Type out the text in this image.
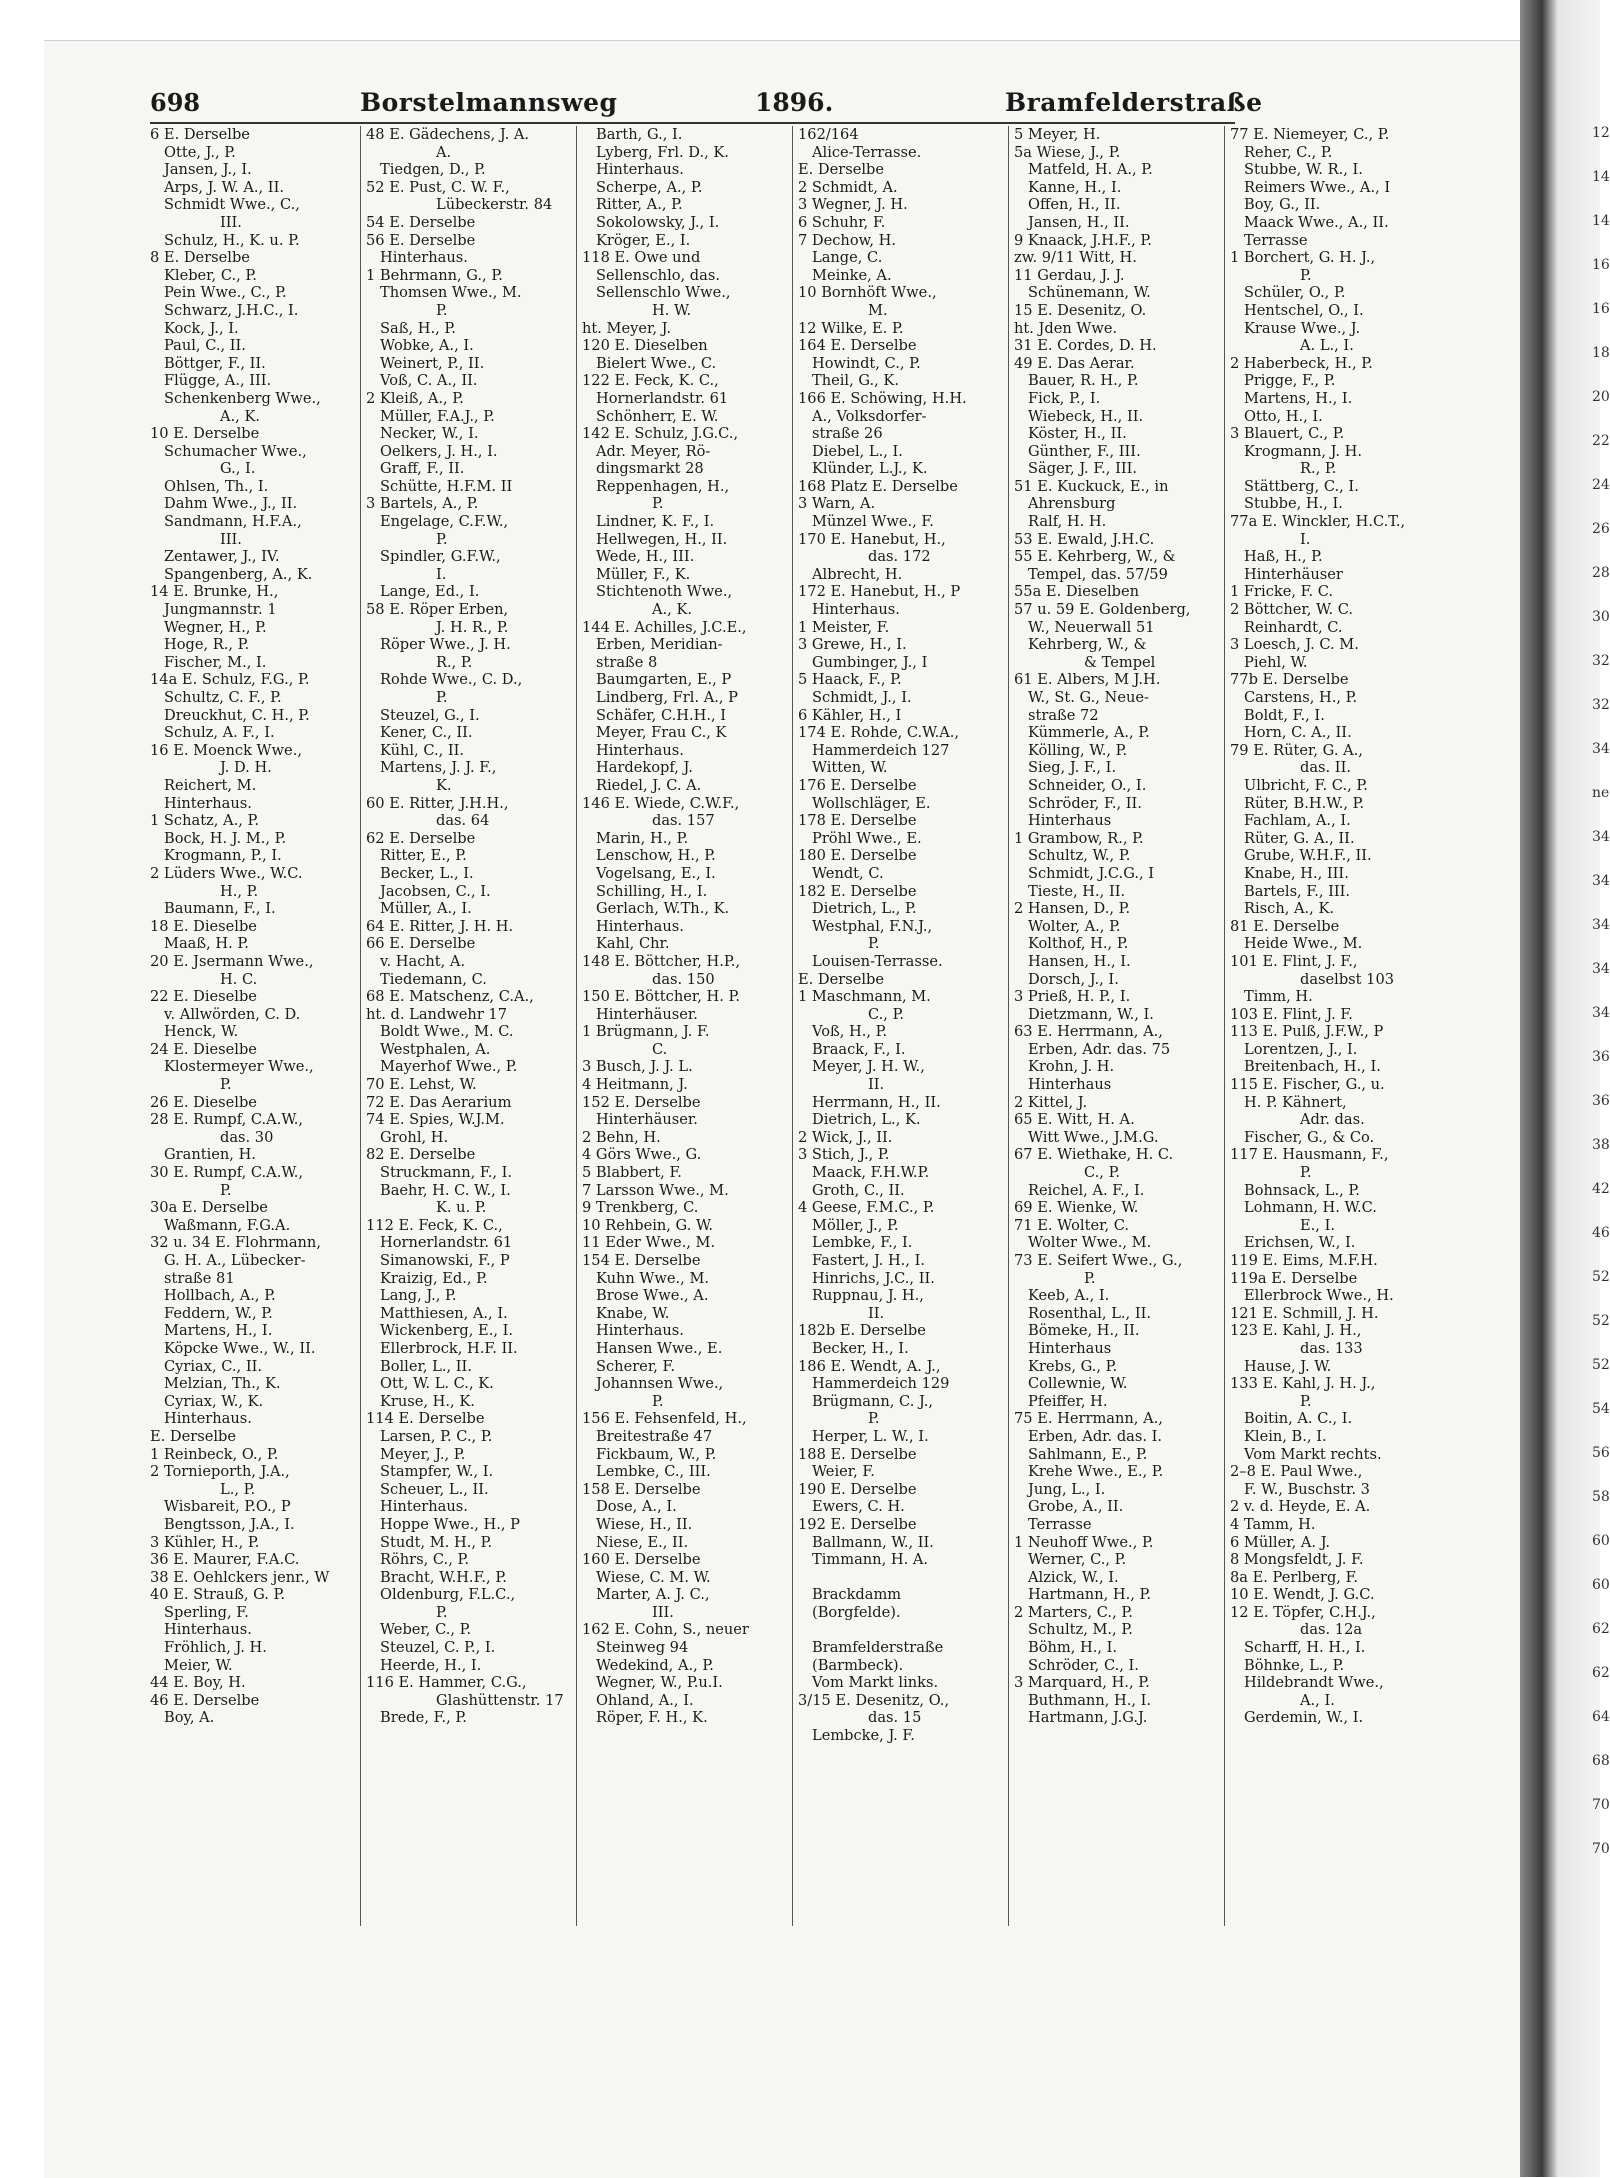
698	Borstelmannsweg	1896.	Bramfelderstraße
6 E. Derselbe
Otte, J., P.
Jansen, J., I.
Arps, J. W. A., II.
Schmidt Wwe., C.,
III.
Schulz, H., K. u. P.
8 E. Derselbe
Kleber, C., P.
Pein Wwe., C., P.
Schwarz, J.H.C., I.
Kock, J., I.
Paul, C., II.
Böttger, F., II.
Flügge, A., III.
Schenkenberg Wwe.,
A., K.
10 E. Derselbe
Schumacher Wwe.,
G., I.
Ohlsen, Th., I.
Dahm Wwe., J., II.
Sandmann, H.F.A.,
III.
Zentawer, J., IV.
Spangenberg, A., K.
14 E. Brunke, H.,
Jungmannstr. 1
Wegner, H., P.
Hoge, R., P.
Fischer, M., I.
14a E. Schulz, F.G., P.
Schultz, C. F., P.
Dreuckhut, C. H., P.
Schulz, A. F., I.
16 E. Moenck Wwe.,
J. D. H.
Reichert, M.
Hinterhaus.
1 Schatz, A., P.
Bock, H. J. M., P.
Krogmann, P., I.
2 Lüders Wwe., W.C.
H., P.
Baumann, F., I.
18 E. Dieselbe
Maaß, H. P.
20 E. Jsermann Wwe.,
H. C.
22 E. Dieselbe
v. Allwörden, C. D.
Henck, W.
24 E. Dieselbe
Klostermeyer Wwe.,
P.
26 E. Dieselbe
28 E. Rumpf, C.A.W.,
das. 30
Grantien, H.
30 E. Rumpf, C.A.W.,
P.
30a E. Derselbe
Waßmann, F.G.A.
32 u. 34 E. Flohrmann,
G. H. A., Lübecker-
straße 81
Hollbach, A., P.
Feddern, W., P.
Martens, H., I.
Köpcke Wwe., W., II.
Cyriax, C., II.
Melzian, Th., K.
Cyriax, W., K.
Hinterhaus.
E. Derselbe
1 Reinbeck, O., P.
2 Tornieporth, J.A.,
L., P.
Wisbareit, P.O., P
Bengtsson, J.A., I.
3 Kühler, H., P.
36 E. Maurer, F.A.C.
38 E. Oehlckers jenr., W
40 E. Strauß, G. P.
Sperling, F.
Hinterhaus.
Fröhlich, J. H.
Meier, W.
44 E. Boy, H.
46 E. Derselbe
Boy, A.
48 E. Gädechens, J. A.
A.
Tiedgen, D., P.
52 E. Pust, C. W. F.,
Lübeckerstr. 84
54 E. Derselbe
56 E. Derselbe
Hinterhaus.
1 Behrmann, G., P.
Thomsen Wwe., M.
P.
Saß, H., P.
Wobke, A., I.
Weinert, P., II.
Voß, C. A., II.
2 Kleiß, A., P.
Müller, F.A.J., P.
Necker, W., I.
Oelkers, J. H., I.
Graff, F., II.
Schütte, H.F.M. II
3 Bartels, A., P.
Engelage, C.F.W.,
P.
Spindler, G.F.W.,
I.
Lange, Ed., I.
58 E. Röper Erben,
J. H. R., P.
Röper Wwe., J. H.
R., P.
Rohde Wwe., C. D.,
P.
Steuzel, G., I.
Kener, C., II.
Kühl, C., II.
Martens, J. J. F.,
K.
60 E. Ritter, J.H.H.,
das. 64
62 E. Derselbe
Ritter, E., P.
Becker, L., I.
Jacobsen, C., I.
Müller, A., I.
64 E. Ritter, J. H. H.
66 E. Derselbe
v. Hacht, A.
Tiedemann, C.
68 E. Matschenz, C.A.,
ht. d. Landwehr 17
Boldt Wwe., M. C.
Westphalen, A.
Mayerhof Wwe., P.
70 E. Lehst, W.
72 E. Das Aerarium
74 E. Spies, W.J.M.
Grohl, H.
82 E. Derselbe
Struckmann, F., I.
Baehr, H. C. W., I.
K. u. P.
112 E. Feck, K. C.,
Hornerlandstr. 61
Simanowski, F., P
Kraizig, Ed., P.
Lang, J., P.
Matthiesen, A., I.
Wickenberg, E., I.
Ellerbrock, H.F. II.
Boller, L., II.
Ott, W. L. C., K.
Kruse, H., K.
114 E. Derselbe
Larsen, P. C., P.
Meyer, J., P.
Stampfer, W., I.
Scheuer, L., II.
Hinterhaus.
Hoppe Wwe., H., P
Studt, M. H., P.
Röhrs, C., P.
Bracht, W.H.F., P.
Oldenburg, F.L.C.,
P.
Weber, C., P.
Steuzel, C. P., I.
Heerde, H., I.
116 E. Hammer, C.G.,
Glashüttenstr. 17
Brede, F., P.
Barth, G., I.
Lyberg, Frl. D., K.
Hinterhaus.
Scherpe, A., P.
Ritter, A., P.
Sokolowsky, J., I.
Kröger, E., I.
118 E. Owe und
Sellenschlo, das.
Sellenschlo Wwe.,
H. W.
ht. Meyer, J.
120 E. Dieselben
Bielert Wwe., C.
122 E. Feck, K. C.,
Hornerlandstr. 61
Schönherr, E. W.
142 E. Schulz, J.G.C.,
Adr. Meyer, Rö-
dingsmarkt 28
Reppenhagen, H.,
P.
Lindner, K. F., I.
Hellwegen, H., II.
Wede, H., III.
Müller, F., K.
Stichtenoth Wwe.,
A., K.
144 E. Achilles, J.C.E.,
Erben, Meridian-
straße 8
Baumgarten, E., P
Lindberg, Frl. A., P
Schäfer, C.H.H., I
Meyer, Frau C., K
Hinterhaus.
Hardekopf, J.
Riedel, J. C. A.
146 E. Wiede, C.W.F.,
das. 157
Marin, H., P.
Lenschow, H., P.
Vogelsang, E., I.
Schilling, H., I.
Gerlach, W.Th., K.
Hinterhaus.
Kahl, Chr.
148 E. Böttcher, H.P.,
das. 150
150 E. Böttcher, H. P.
Hinterhäuser.
1 Brügmann, J. F.
C.
3 Busch, J. J. L.
4 Heitmann, J.
152 E. Derselbe
Hinterhäuser.
2 Behn, H.
4 Görs Wwe., G.
5 Blabbert, F.
7 Larsson Wwe., M.
9 Trenkberg, C.
10 Rehbein, G. W.
11 Eder Wwe., M.
154 E. Derselbe
Kuhn Wwe., M.
Brose Wwe., A.
Knabe, W.
Hinterhaus.
Hansen Wwe., E.
Scherer, F.
Johannsen Wwe.,
P.
156 E. Fehsenfeld, H.,
Breitestraße 47
Fickbaum, W., P.
Lembke, C., III.
158 E. Derselbe
Dose, A., I.
Wiese, H., II.
Niese, E., II.
160 E. Derselbe
Wiese, C. M. W.
Marter, A. J. C.,
III.
162 E. Cohn, S., neuer
Steinweg 94
Wedekind, A., P.
Wegner, W., P.u.I.
Ohland, A., I.
Röper, F. H., K.
162/164
Alice-Terrasse.
E. Derselbe
2 Schmidt, A.
3 Wegner, J. H.
6 Schuhr, F.
7 Dechow, H.
Lange, C.
Meinke, A.
10 Bornhöft Wwe.,
M.
12 Wilke, E. P.
164 E. Derselbe
Howindt, C., P.
Theil, G., K.
166 E. Schöwing, H.H.
A., Volksdorfer-
straße 26
Diebel, L., I.
Klünder, L.J., K.
168 Platz E. Derselbe
3 Warn, A.
Münzel Wwe., F.
170 E. Hanebut, H.,
das. 172
Albrecht, H.
172 E. Hanebut, H., P
Hinterhaus.
1 Meister, F.
3 Grewe, H., I.
Gumbinger, J., I
5 Haack, F., P.
Schmidt, J., I.
6 Kähler, H., I
174 E. Rohde, C.W.A.,
Hammerdeich 127
Witten, W.
176 E. Derselbe
Wollschläger, E.
178 E. Derselbe
Pröhl Wwe., E.
180 E. Derselbe
Wendt, C.
182 E. Derselbe
Dietrich, L., P.
Westphal, F.N.J.,
P.
Louisen-Terrasse.
E. Derselbe
1 Maschmann, M.
C., P.
Voß, H., P.
Braack, F., I.
Meyer, J. H. W.,
II.
Herrmann, H., II.
Dietrich, L., K.
2 Wick, J., II.
3 Stich, J., P.
Maack, F.H.W.P.
Groth, C., II.
4 Geese, F.M.C., P.
Möller, J., P.
Lembke, F., I.
Fastert, J. H., I.
Hinrichs, J.C., II.
Ruppnau, J. H.,
II.
182b E. Derselbe
Becker, H., I.
186 E. Wendt, A. J.,
Hammerdeich 129
Brügmann, C. J.,
P.
Herper, L. W., I.
188 E. Derselbe
Weier, F.
190 E. Derselbe
Ewers, C. H.
192 E. Derselbe
Ballmann, W., II.
Timmann, H. A.
Brackdamm
(Borgfelde).
Bramfelderstraße
(Barmbeck).
Vom Markt links.
3/15 E. Desenitz, O.,
das. 15
Lembcke, J. F.
5 Meyer, H.
5a Wiese, J., P.
Matfeld, H. A., P.
Kanne, H., I.
Offen, H., II.
Jansen, H., II.
9 Knaack, J.H.F., P.
zw. 9/11 Witt, H.
11 Gerdau, J. J.
Schünemann, W.
15 E. Desenitz, O.
ht. Jden Wwe.
31 E. Cordes, D. H.
49 E. Das Aerar.
Bauer, R. H., P.
Fick, P., I.
Wiebeck, H., II.
Köster, H., II.
Günther, F., III.
Säger, J. F., III.
51 E. Kuckuck, E., in
Ahrensburg
Ralf, H. H.
53 E. Ewald, J.H.C.
55 E. Kehrberg, W., &
Tempel, das. 57/59
55a E. Dieselben
57 u. 59 E. Goldenberg,
W., Neuerwall 51
Kehrberg, W., &
& Tempel
61 E. Albers, M J.H.
W., St. G., Neue-
straße 72
Kümmerle, A., P.
Kölling, W., P.
Sieg, J. F., I.
Schneider, O., I.
Schröder, F., II.
Hinterhaus
1 Grambow, R., P.
Schultz, W., P.
Schmidt, J.C.G., I
Tieste, H., II.
2 Hansen, D., P.
Wolter, A., P.
Kolthof, H., P.
Hansen, H., I.
Dorsch, J., I.
3 Prieß, H. P., I.
Dietzmann, W., I.
63 E. Herrmann, A.,
Erben, Adr. das. 75
Krohn, J. H.
Hinterhaus
2 Kittel, J.
65 E. Witt, H. A.
Witt Wwe., J.M.G.
67 E. Wiethake, H. C.
C., P.
Reichel, A. F., I.
69 E. Wienke, W.
71 E. Wolter, C.
Wolter Wwe., M.
73 E. Seifert Wwe., G.,
P.
Keeb, A., I.
Rosenthal, L., II.
Bömeke, H., II.
Hinterhaus
Krebs, G., P.
Collewnie, W.
Pfeiffer, H.
75 E. Herrmann, A.,
Erben, Adr. das. I.
Sahlmann, E., P.
Krehe Wwe., E., P.
Jung, L., I.
Grobe, A., II.
Terrasse
1 Neuhoff Wwe., P.
Werner, C., P.
Alzick, W., I.
Hartmann, H., P.
2 Marters, C., P.
Schultz, M., P.
Böhm, H., I.
Schröder, C., I.
3 Marquard, H., P.
Buthmann, H., I.
Hartmann, J.G.J.
77 E. Niemeyer, C., P.
Reher, C., P.
Stubbe, W. R., I.
Reimers Wwe., A., I
Boy, G., II.
Maack Wwe., A., II.
Terrasse
1 Borchert, G. H. J.,
P.
Schüler, O., P.
Hentschel, O., I.
Krause Wwe., J.
A. L., I.
2 Haberbeck, H., P.
Prigge, F., P.
Martens, H., I.
Otto, H., I.
3 Blauert, C., P.
Krogmann, J. H.
R., P.
Stättberg, C., I.
Stubbe, H., I.
77a E. Winckler, H.C.T.,
I.
Haß, H., P.
Hinterhäuser
1 Fricke, F. C.
2 Böttcher, W. C.
Reinhardt, C.
3 Loesch, J. C. M.
Piehl, W.
77b E. Derselbe
Carstens, H., P.
Boldt, F., I.
Horn, C. A., II.
79 E. Rüter, G. A.,
das. II.
Ulbricht, F. C., P.
Rüter, B.H.W., P.
Fachlam, A., I.
Rüter, G. A., II.
Grube, W.H.F., II.
Knabe, H., III.
Bartels, F., III.
Risch, A., K.
81 E. Derselbe
Heide Wwe., M.
101 E. Flint, J. F.,
daselbst 103
Timm, H.
103 E. Flint, J. F.
113 E. Pulß, J.F.W., P
Lorentzen, J., I.
Breitenbach, H., I.
115 E. Fischer, G., u.
H. P. Kähnert,
Adr. das.
Fischer, G., & Co.
117 E. Hausmann, F.,
P.
Bohnsack, L., P.
Lohmann, H. W.C.
E., I.
Erichsen, W., I.
119 E. Eims, M.F.H.
119a E. Derselbe
Ellerbrock Wwe., H.
121 E. Schmill, J. H.
123 E. Kahl, J. H.,
das. 133
Hause, J. W.
133 E. Kahl, J. H. J.,
P.
Boitin, A. C., I.
Klein, B., I.
Vom Markt rechts.
2–8 E. Paul Wwe.,
F. W., Buschstr. 3
2 v. d. Heyde, E. A.
4 Tamm, H.
6 Müller, A. J.
8 Mongsfeldt, J. F.
8a E. Perlberg, F.
10 E. Wendt, J. G.C.
12 E. Töpfer, C.H.J.,
das. 12a
Scharff, H. H., I.
Böhnke, L., P.
Hildebrandt Wwe.,
A., I.
Gerdemin, W., I.
12
14
14
16
16
18
20
22
24
26
28
30
32
32
34
ne
34
34
34
34
34
36
36
38
42
46
52
52
52
54
56
58
60
60
62
62
64
68
70
70
